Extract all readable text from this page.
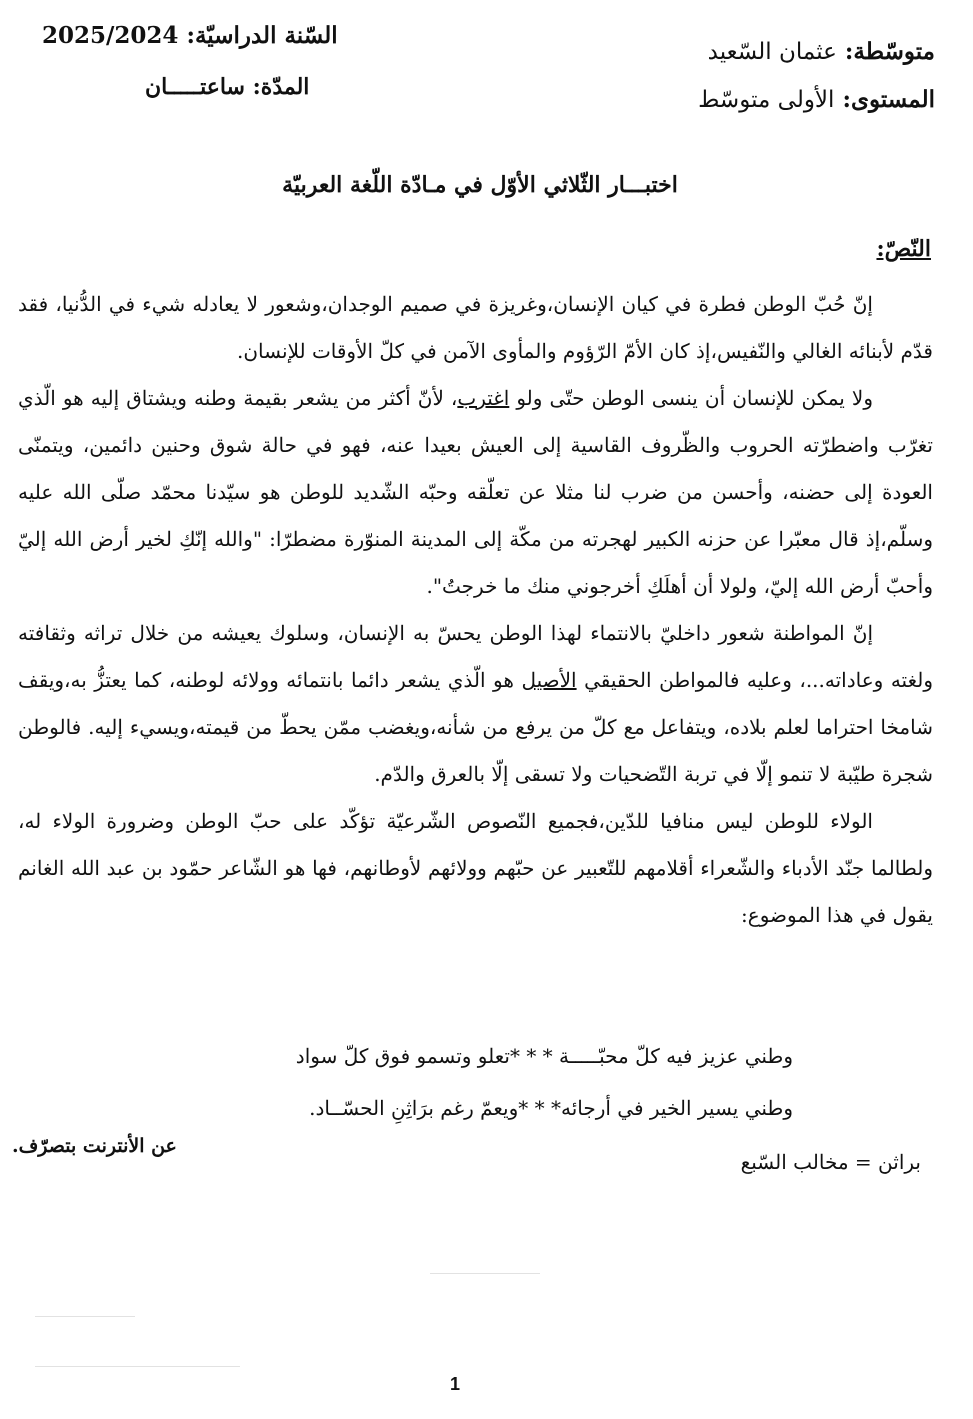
متوسّطة: عثمان السّعيد
المستوى: الأولى متوسّط
السّنة الدراسيّة: 2025/2024
المدّة: ساعتـــــان
اختبـــار الثّلاثي الأوّل في مـادّة اللّغة العربيّة
النّصّ:

إنّ حُبّ الوطن فطرة في كيان الإنسان،وغريزة في صميم الوجدان،وشعور لا يعادله شيء في الدُّنيا، فقد قدّم لأبنائه الغالي والنّفيس،إذ كان الأمّ الرّؤوم والمأوى الآمن في كلّ الأوقات للإنسان.

ولا يمكن للإنسان أن ينسى الوطن حتّى ولو اغترب، لأنّ أكثر من يشعر بقيمة وطنه ويشتاق إليه هو الّذي تغرّب واضطرّته الحروب والظّروف القاسية إلى العيش بعيدا عنه، فهو في حالة شوق وحنين دائمين، ويتمنّى العودة إلى حضنه، وأحسن من ضرب لنا مثلا عن تعلّقه وحبّه الشّديد للوطن هو سيّدنا محمّد صلّى الله عليه وسلّم،إذ قال معبّرا عن حزنه الكبير لهجرته من مكّة إلى المدينة المنوّرة مضطرّا: "والله إنّكِ لخير أرض الله إليّ وأحبّ أرض الله إليّ، ولولا أن أهلَكِ أخرجوني منك ما خرجتُ".

إنّ المواطنة شعور داخليّ بالانتماء لهذا الوطن يحسّ به الإنسان، وسلوك يعيشه من خلال تراثه وثقافته ولغته وعاداته...، وعليه فالمواطن الحقيقي الأصيل هو الّذي يشعر دائما بانتمائه وولائه لوطنه، كما يعتزُّ به،ويقف شامخا احتراما لعلم بلاده، ويتفاعل مع كلّ من يرفع من شأنه،ويغضب ممّن يحطّ من قيمته،ويسيء إليه. فالوطن شجرة طيّبة لا تنمو إلّا في تربة التّضحيات ولا تسقى إلّا بالعرق والدّم.

الولاء للوطن ليس منافيا للدّين،فجميع النّصوص الشّرعيّة تؤكّد على حبّ الوطن وضرورة الولاء له، ولطالما جنّد الأدباء والشّعراء أقلامهم للتّعبير عن حبّهم وولائهم لأوطانهم، فها هو الشّاعر حمّود بن عبد الله الغانم يقول في هذا الموضوع:

وطني عزيز فيه كلّ محبّـــــة * * *تعلو وتسمو فوق كلّ سواد
وطني يسير الخير في أرجائه* * *ويعمّ رغم برَاثِنِ الحسّــاد.
عن الأنترنت بتصرّف.
براثن = مخالب السّبع
1
